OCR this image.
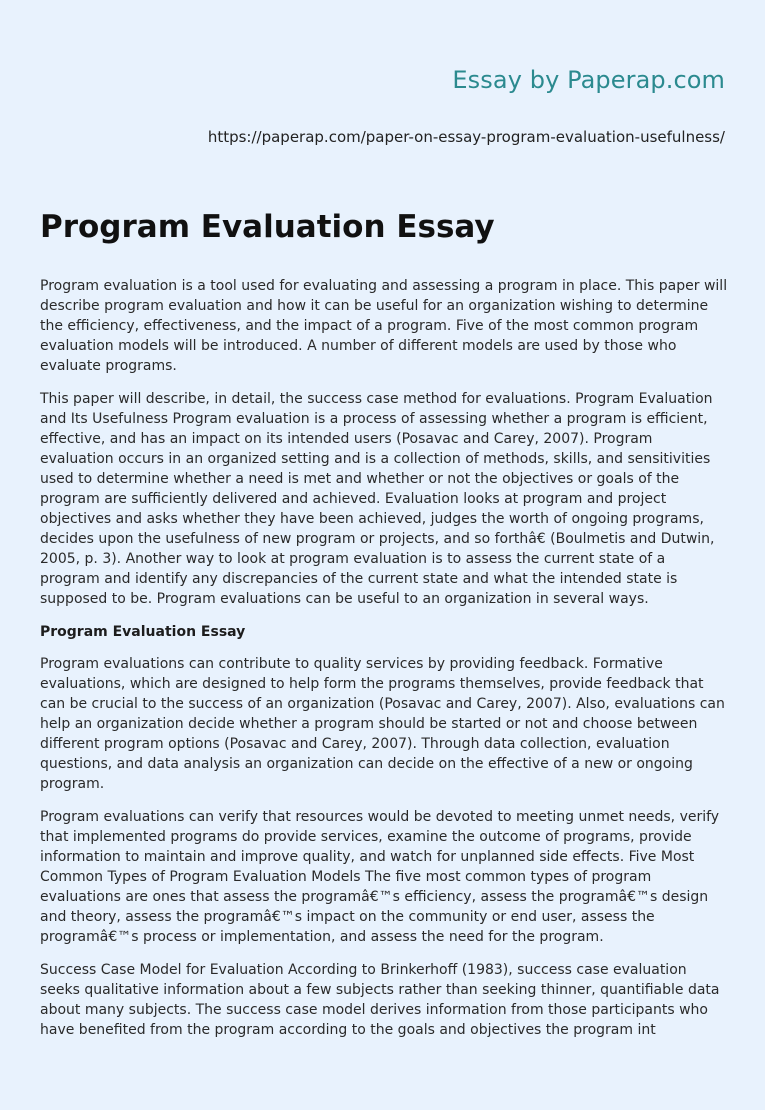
Essay by Paperap.com
https://paperap.com/paper-on-essay-program-evaluation-usefulness/
Program Evaluation Essay

Program evaluation is a tool used for evaluating and assessing a program in place. This paper will describe program evaluation and how it can be useful for an organization wishing to determine the efficiency, effectiveness, and the impact of a program. Five of the most common program evaluation models will be introduced. A number of different models are used by those who evaluate programs.

This paper will describe, in detail, the success case method for evaluations. Program Evaluation and Its Usefulness Program evaluation is a process of assessing whether a program is efficient, effective, and has an impact on its intended users (Posavac and Carey, 2007). Program evaluation occurs in an organized setting and is a collection of methods, skills, and sensitivities used to determine whether a need is met and whether or not the objectives or goals of the program are sufficiently delivered and achieved. Evaluation looks at program and project objectives and asks whether they have been achieved, judges the worth of ongoing programs, decides upon the usefulness of new program or projects, and so forthâ€ (Boulmetis and Dutwin, 2005, p. 3). Another way to look at program evaluation is to assess the current state of a program and identify any discrepancies of the current state and what the intended state is supposed to be. Program evaluations can be useful to an organization in several ways.

Program Evaluation Essay

Program evaluations can contribute to quality services by providing feedback. Formative evaluations, which are designed to help form the programs themselves, provide feedback that can be crucial to the success of an organization (Posavac and Carey, 2007). Also, evaluations can help an organization decide whether a program should be started or not and choose between different program options (Posavac and Carey, 2007). Through data collection, evaluation questions, and data analysis an organization can decide on the effective of a new or ongoing program.

Program evaluations can verify that resources would be devoted to meeting unmet needs, verify that implemented programs do provide services, examine the outcome of programs, provide information to maintain and improve quality, and watch for unplanned side effects. Five Most Common Types of Program Evaluation Models The five most common types of program evaluations are ones that assess the programâ€™s efficiency, assess the programâ€™s design and theory, assess the programâ€™s impact on the community or end user, assess the programâ€™s process or implementation, and assess the need for the program.

Success Case Model for Evaluation According to Brinkerhoff (1983), success case evaluation seeks qualitative information about a few subjects rather than seeking thinner, quantifiable data about many subjects. The success case model derives information from those participants who have benefited from the program according to the goals and objectives the program int
